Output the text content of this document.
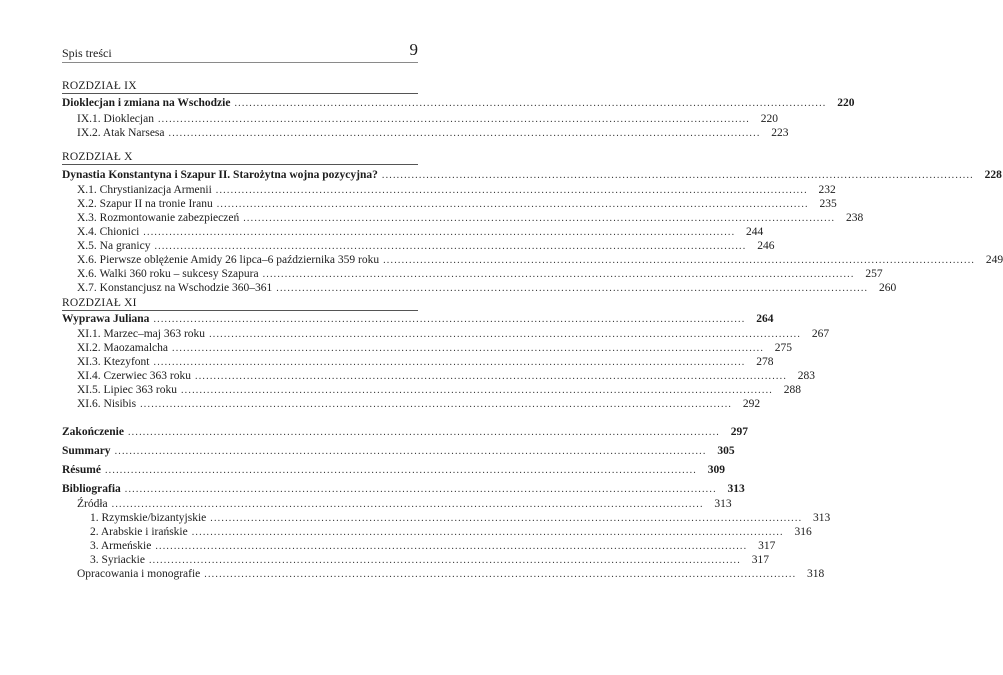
Spis treści	9
ROZDZIAŁ IX
Dioklecjan i zmiana na Wschodzie ................................................................................................................................................................ 220
IX.1. Dioklecjan ................................................................................................................................................................ 220
IX.2. Atak Narsesa ................................................................................................................................................................ 223
ROZDZIAŁ X
Dynastia Konstantyna i Szapur II. Starożytna wojna pozycyjna? ................................................................................................................................................................ 228
X.1. Chrystianizacja Armenii ................................................................................................................................................................ 232
X.2. Szapur II na tronie Iranu ................................................................................................................................................................ 235
X.3. Rozmontowanie zabezpieczeń ................................................................................................................................................................ 238
X.4. Chionici ................................................................................................................................................................ 244
X.5. Na granicy ................................................................................................................................................................ 246
X.6. Pierwsze oblężenie Amidy 26 lipca–6 października 359 roku ................................................................................................................................................................ 249
X.6. Walki 360 roku – sukcesy Szapura ................................................................................................................................................................ 257
X.7. Konstancjusz na Wschodzie 360–361 ................................................................................................................................................................ 260
ROZDZIAŁ XI
Wyprawa Juliana ................................................................................................................................................................ 264
XI.1. Marzec–maj 363 roku ................................................................................................................................................................ 267
XI.2. Maozamalcha ................................................................................................................................................................ 275
XI.3. Ktezyfont ................................................................................................................................................................ 278
XI.4. Czerwiec 363 roku ................................................................................................................................................................ 283
XI.5. Lipiec 363 roku ................................................................................................................................................................ 288
XI.6. Nisibis ................................................................................................................................................................ 292
Zakończenie ................................................................................................................................................................ 297
Summary ................................................................................................................................................................ 305
Résumé ................................................................................................................................................................ 309
Bibliografia ................................................................................................................................................................ 313
Źródła ................................................................................................................................................................ 313
1. Rzymskie/bizantyjskie ................................................................................................................................................................ 313
2. Arabskie i irańskie ................................................................................................................................................................ 316
3. Armeńskie ................................................................................................................................................................ 317
3. Syriackie ................................................................................................................................................................ 317
Opracowania i monografie ................................................................................................................................................................ 318
